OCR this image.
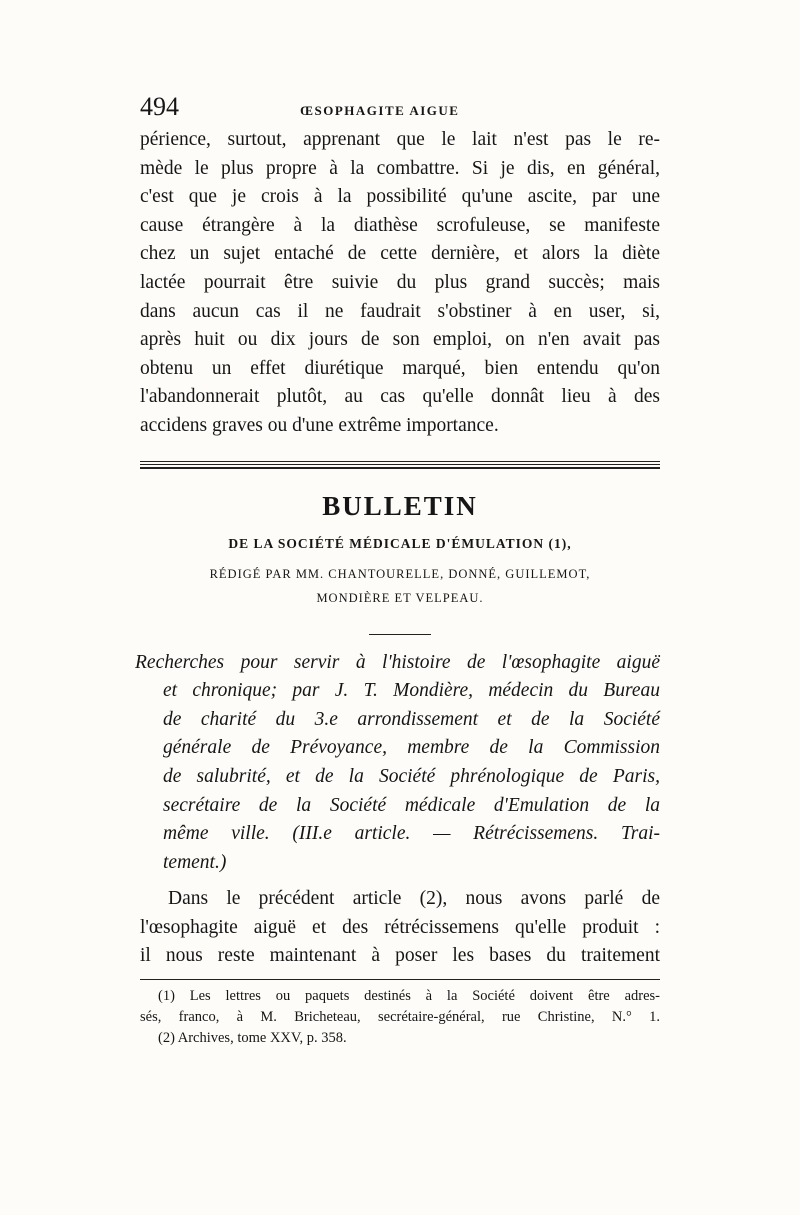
494	ŒSOPHAGITE AIGUE

périence, surtout, apprenant que le lait n'est pas le re-
mède le plus propre à la combattre. Si je dis, en général,
c'est que je crois à la possibilité qu'une ascite, par une
cause étrangère à la diathèse scrofuleuse, se manifeste
chez un sujet entaché de cette dernière, et alors la diète
lactée pourrait être suivie du plus grand succès; mais
dans aucun cas il ne faudrait s'obstiner à en user, si,
après huit ou dix jours de son emploi, on n'en avait pas
obtenu un effet diurétique marqué, bien entendu qu'on
l'abandonnerait plutôt, au cas qu'elle donnât lieu à des
accidens graves ou d'une extrême importance.

BULLETIN
DE LA SOCIÉTÉ MÉDICALE D'ÉMULATION (1),
RÉDIGÉ PAR MM. CHANTOURELLE, DONNÉ, GUILLEMOT,
MONDIÈRE ET VELPEAU.

Recherches pour servir à l'histoire de l'œsophagite aiguë
et chronique; par J. T. Mondière, médecin du Bureau
de charité du 3.e arrondissement et de la Société
générale de Prévoyance, membre de la Commission
de salubrité, et de la Société phrénologique de Paris,
secrétaire de la Société médicale d'Emulation de la
même ville. (III.e article. — Rétrécissemens. Trai-
tement.)

Dans le précédent article (2), nous avons parlé de
l'œsophagite aiguë et des rétrécissemens qu'elle produit :
il nous reste maintenant à poser les bases du traitement

(1) Les lettres ou paquets destinés à la Société doivent être adres-
sés, franco, à M. Bricheteau, secrétaire-général, rue Christine, N.° 1.
(2) Archives, tome XXV, p. 358.
